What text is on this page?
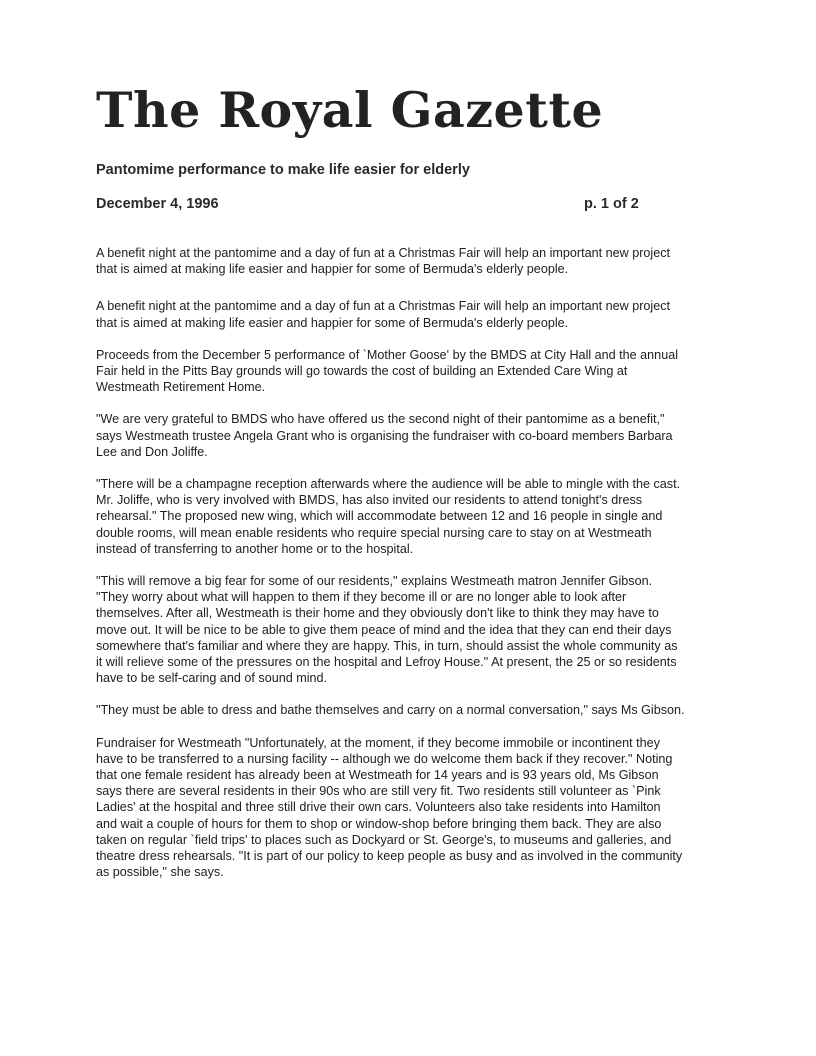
The Royal Gazette
Pantomime performance to make life easier for elderly
December 4, 1996	p. 1 of 2

A benefit night at the pantomime and a day of fun at a Christmas Fair will help an important new project
that is aimed at making life easier and happier for some of Bermuda's elderly people.

A benefit night at the pantomime and a day of fun at a Christmas Fair will help an important new project
that is aimed at making life easier and happier for some of Bermuda's elderly people.

Proceeds from the December 5 performance of `Mother Goose' by the BMDS at City Hall and the annual
Fair held in the Pitts Bay grounds will go towards the cost of building an Extended Care Wing at
Westmeath Retirement Home.

"We are very grateful to BMDS who have offered us the second night of their pantomime as a benefit,"
says Westmeath trustee Angela Grant who is organising the fundraiser with co-board members Barbara
Lee and Don Joliffe.

"There will be a champagne reception afterwards where the audience will be able to mingle with the cast.
Mr. Joliffe, who is very involved with BMDS, has also invited our residents to attend tonight's dress
rehearsal." The proposed new wing, which will accommodate between 12 and 16 people in single and
double rooms, will mean enable residents who require special nursing care to stay on at Westmeath
instead of transferring to another home or to the hospital.

"This will remove a big fear for some of our residents," explains Westmeath matron Jennifer Gibson.
"They worry about what will happen to them if they become ill or are no longer able to look after
themselves. After all, Westmeath is their home and they obviously don't like to think they may have to
move out. It will be nice to be able to give them peace of mind and the idea that they can end their days
somewhere that's familiar and where they are happy. This, in turn, should assist the whole community as
it will relieve some of the pressures on the hospital and Lefroy House." At present, the 25 or so residents
have to be self-caring and of sound mind.

"They must be able to dress and bathe themselves and carry on a normal conversation," says Ms Gibson.

Fundraiser for Westmeath "Unfortunately, at the moment, if they become immobile or incontinent they
have to be transferred to a nursing facility -- although we do welcome them back if they recover." Noting
that one female resident has already been at Westmeath for 14 years and is 93 years old, Ms Gibson
says there are several residents in their 90s who are still very fit. Two residents still volunteer as `Pink
Ladies' at the hospital and three still drive their own cars. Volunteers also take residents into Hamilton
and wait a couple of hours for them to shop or window-shop before bringing them back. They are also
taken on regular `field trips' to places such as Dockyard or St. George's, to museums and galleries, and
theatre dress rehearsals. "It is part of our policy to keep people as busy and as involved in the community
as possible," she says.
